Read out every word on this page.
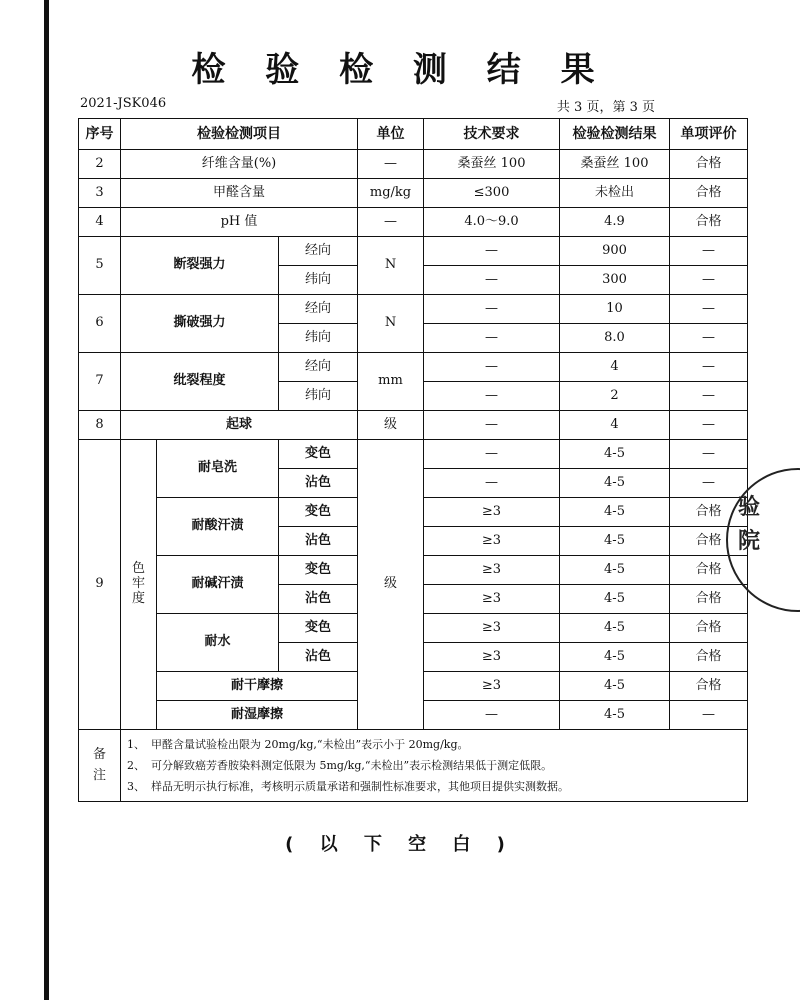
检 验 检 测 结 果
2021-JSK046	共 3 页，第 3 页
序号	检验检测项目			单位	技术要求	检验检测结果	单项评价
2	纤维含量(%)			—	桑蚕丝 100	桑蚕丝 100	合格
3	甲醛含量			mg/kg	≤300	未检出	合格
4	pH 值			—	4.0～9.0	4.9	合格
5	断裂强力		经向	N	—	900	—
			纬向		—	300	—
6	撕破强力		经向	N	—	10	—
			纬向		—	8.0	—
7	纰裂程度		经向	mm	—	4	—
			纬向		—	2	—
8	起球			级	—	4	—
9	色牢度	耐皂洗	变色	级	—	4-5	—
			沾色		—	4-5	—
		耐酸汗渍	变色		≥3	4-5	合格
			沾色		≥3	4-5	合格
		耐碱汗渍	变色		≥3	4-5	合格
			沾色		≥3	4-5	合格
		耐水	变色		≥3	4-5	合格
			沾色		≥3	4-5	合格
		耐干摩擦			≥3	4-5	合格
		耐湿摩擦			—	4-5	—
备注	1、 甲醛含量试验检出限为 20mg/kg,“未检出”表示小于 20mg/kg。
2、 可分解致癌芳香胺染料测定低限为 5mg/kg,“未检出”表示检测结果低于测定低限。
3、 样品无明示执行标准，考核明示质量承诺和强制性标准要求，其他项目提供实测数据。						
( 以 下 空 白 )
验院
